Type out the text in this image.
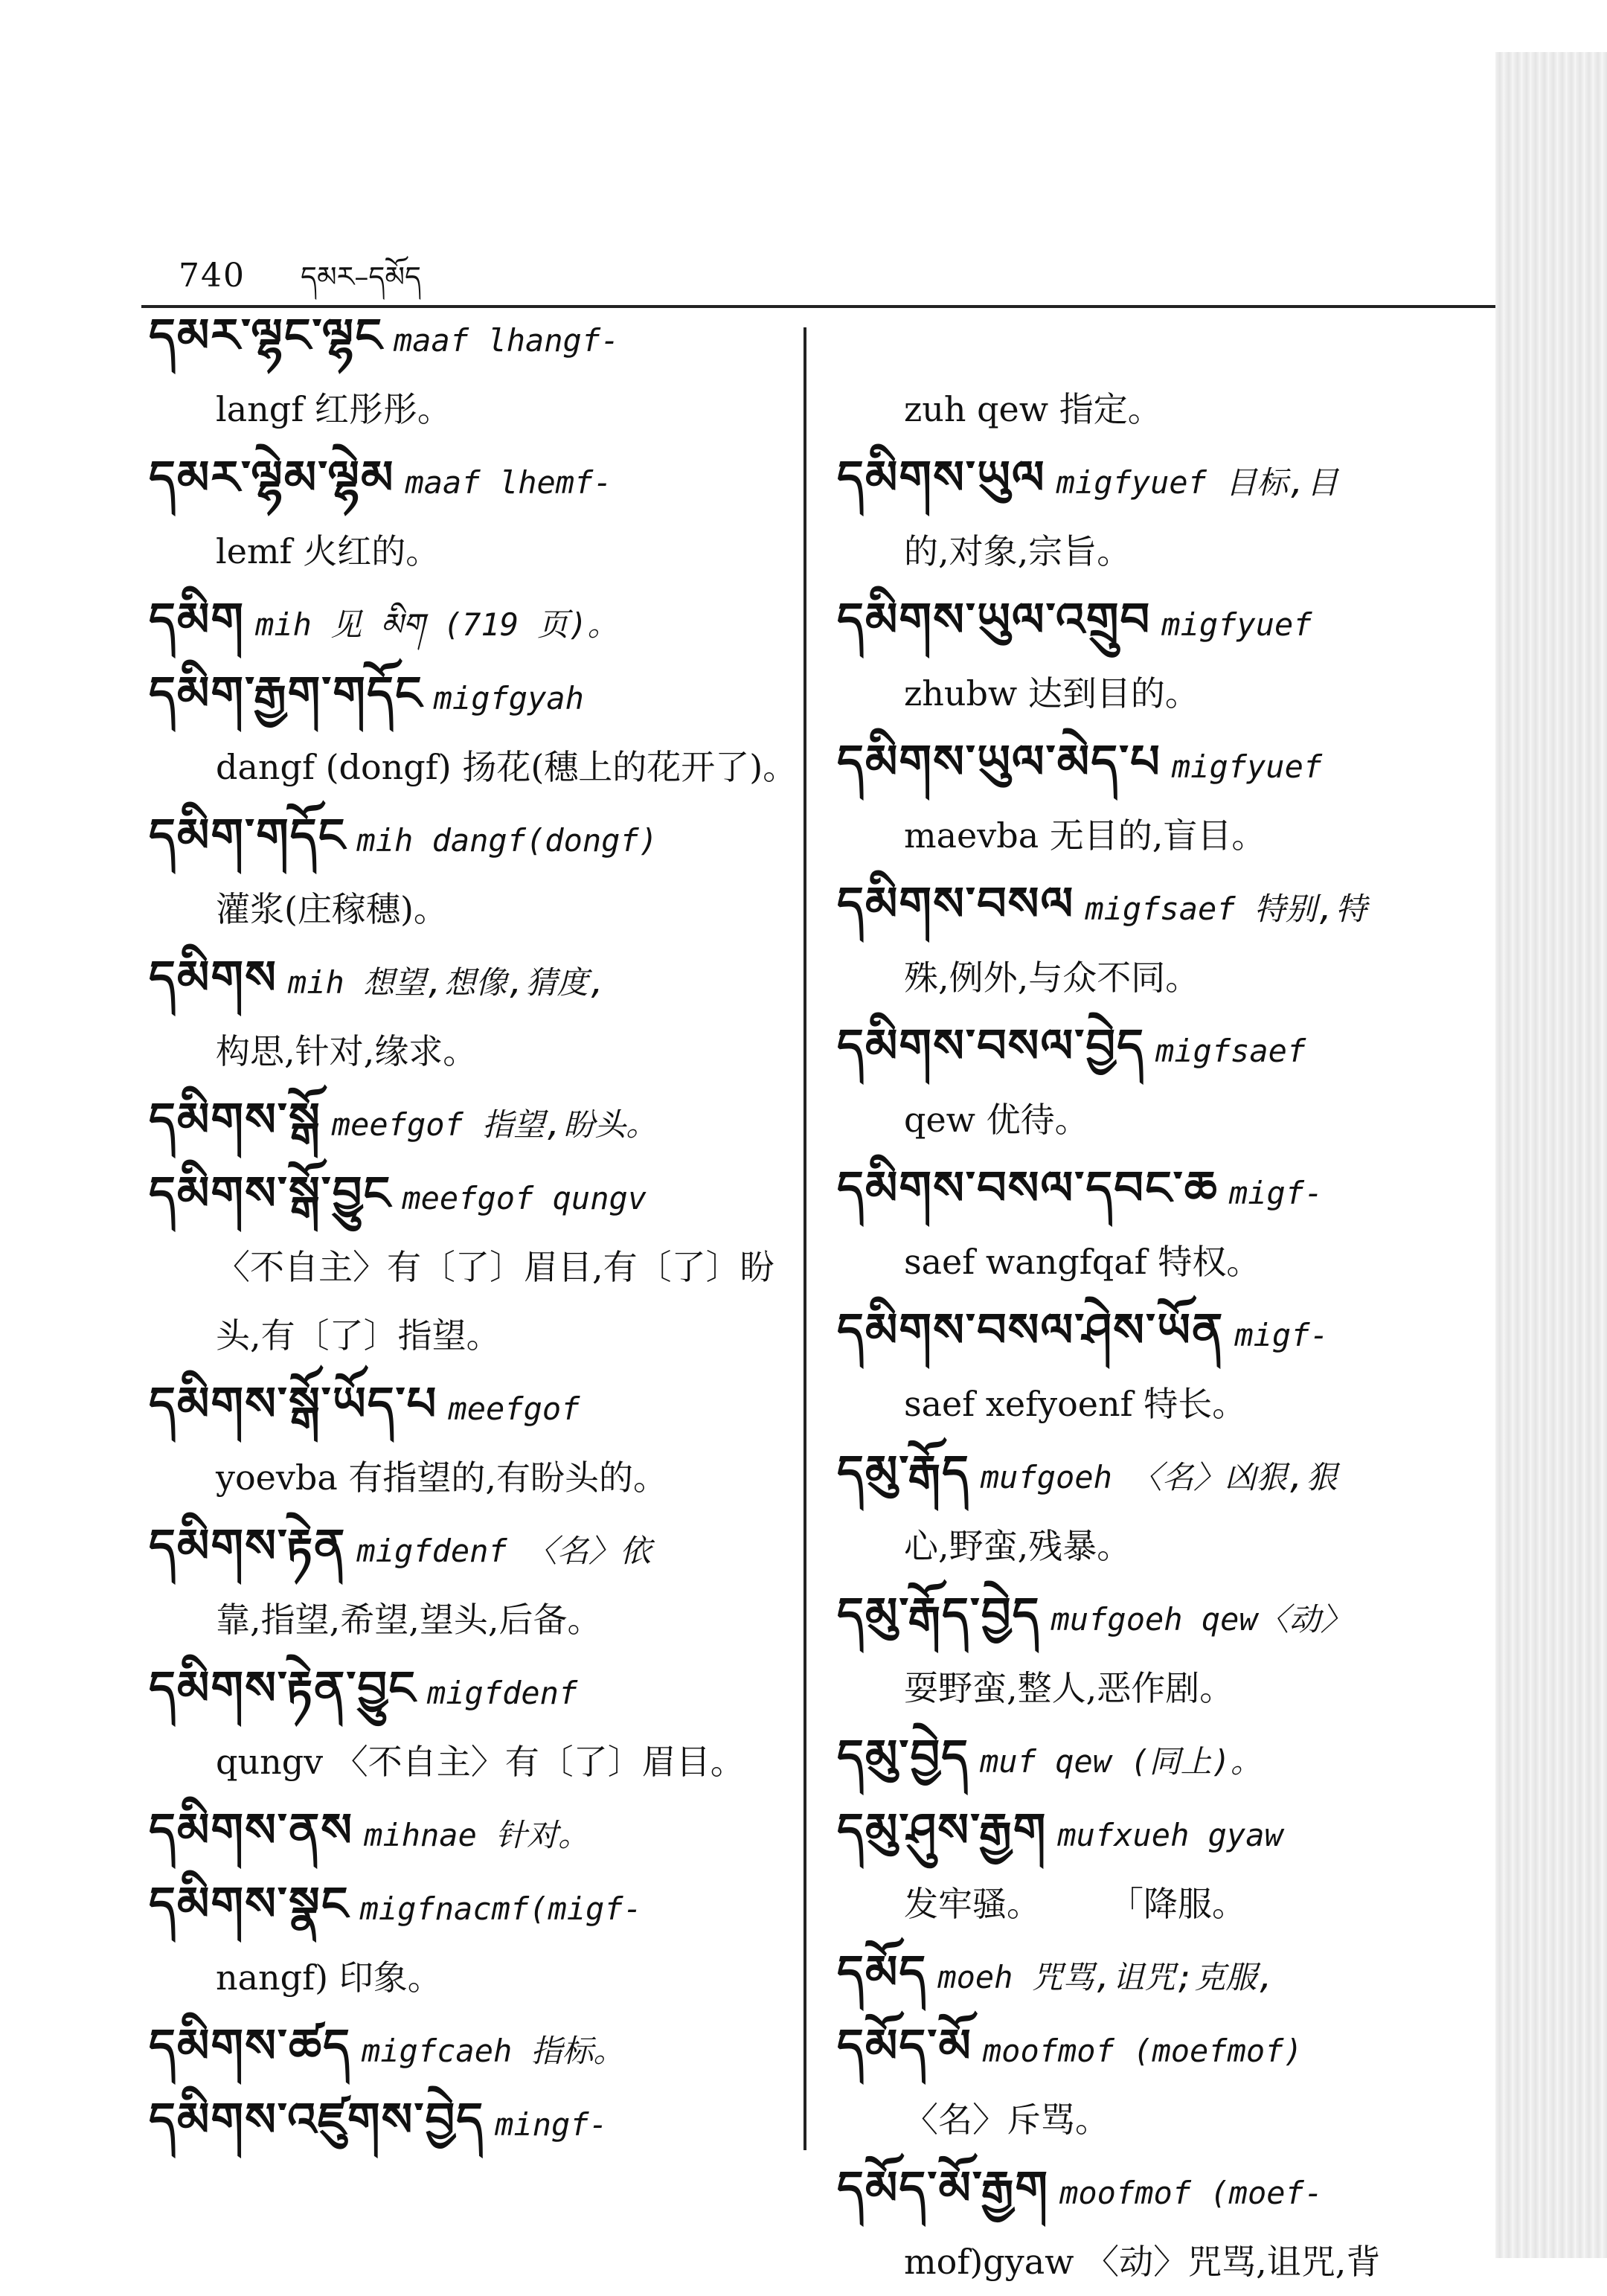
740 དམར–དམོད
དམར་ལྷང་ལྷང maaf lhangf-
langf 红彤彤。
དམར་ལྷེམ་ལྷེམ maaf lhemf-
lemf 火红的。
དམིག mih 见 མིག (719 页)。
དམིག་རྒྱག་གདོང migfgyah
dangf (dongf) 扬花(穗上的花开了)。
དམིག་གདོང mih dangf(dongf)
灌浆(庄稼穗)。
དམིགས mih 想望,想像,猜度,
构思,针对,缘求。
དམིགས་སྒོ meefgof 指望,盼头。
དམིགས་སྒོ་བྱུང meefgof qungv
〈不自主〉有〔了〕眉目,有〔了〕盼头,有〔了〕指望。
དམིགས་སྒོ་ཡོད་པ meefgof
yoevba 有指望的,有盼头的。
དམིགས་རྟེན migfdenf 〈名〉依
靠,指望,希望,望头,后备。
དམིགས་རྟེན་བྱུང migfdenf
qungv 〈不自主〉有〔了〕眉目。
དམིགས་ནས mihnae 针对。
དམིགས་སྣང migfnacmf(migf-
nangf) 印象。
དམིགས་ཚད migfcaeh 指标。
དམིགས་འཛུགས་བྱེད mingf-
zuh qew 指定。
དམིགས་ཡུལ migfyuef 目标,目
的,对象,宗旨。
དམིགས་ཡུལ་འགྲུབ migfyuef
zhubw 达到目的。
དམིགས་ཡུལ་མེད་པ migfyuef
maevba 无目的,盲目。
དམིགས་བསལ migfsaef 特别,特
殊,例外,与众不同。
དམིགས་བསལ་བྱེད migfsaef
qew 优待。
དམིགས་བསལ་དབང་ཆ migf-
saef wangfqaf 特权。
དམིགས་བསལ་ཤེས་ཡོན migf-
saef xefyoenf 特长。
དམུ་རྒོད mufgoeh 〈名〉凶狠,狠
心,野蛮,残暴。
དམུ་རྒོད་བྱེད mufgoeh qew〈动〉
耍野蛮,整人,恶作剧。
དམུ་བྱེད muf qew (同上)。
དམུ་ཤུས་རྒྱག mufxueh gyaw
发牢骚。　　　「降服。
དམོད moeh 咒骂,诅咒;克服,
དམོད་མོ moofmof (moefmof)
〈名〉斥骂。
དམོད་མོ་རྒྱག moofmof (moef-
mof)gyaw 〈动〉咒骂,诅咒,背
